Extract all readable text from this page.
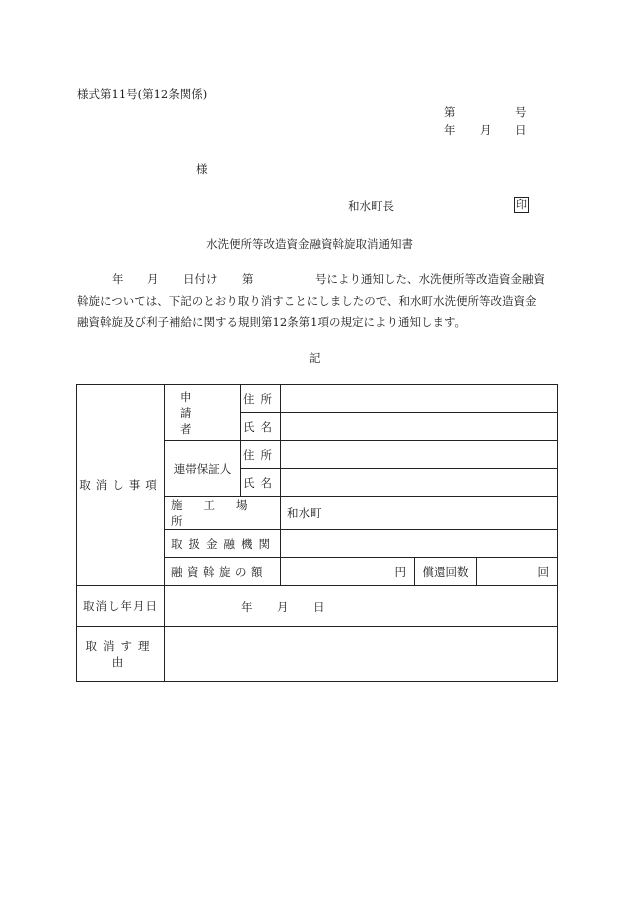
様式第11号(第12条関係)
第	号
年 月 日
様
和水町長	印
水洗便所等改造資金融資斡旋取消通知書
年 月 日付け 第	号により通知した、水洗便所等改造資金融資
斡旋については、下記のとおり取り消すことにしましたので、和水町水洗便所等改造資金
融資斡旋及び利子補給に関する規則第12条第1項の規定により通知します。
記
取消し事項	申請者	住所			
		氏名			
	連帯保証人	住所			
		氏名			
	施工場所		和水町		
	取扱金融機関				
	融資斡旋の額		円	償還回数	回
取消し年月日	年 月 日				

取消す理由					
